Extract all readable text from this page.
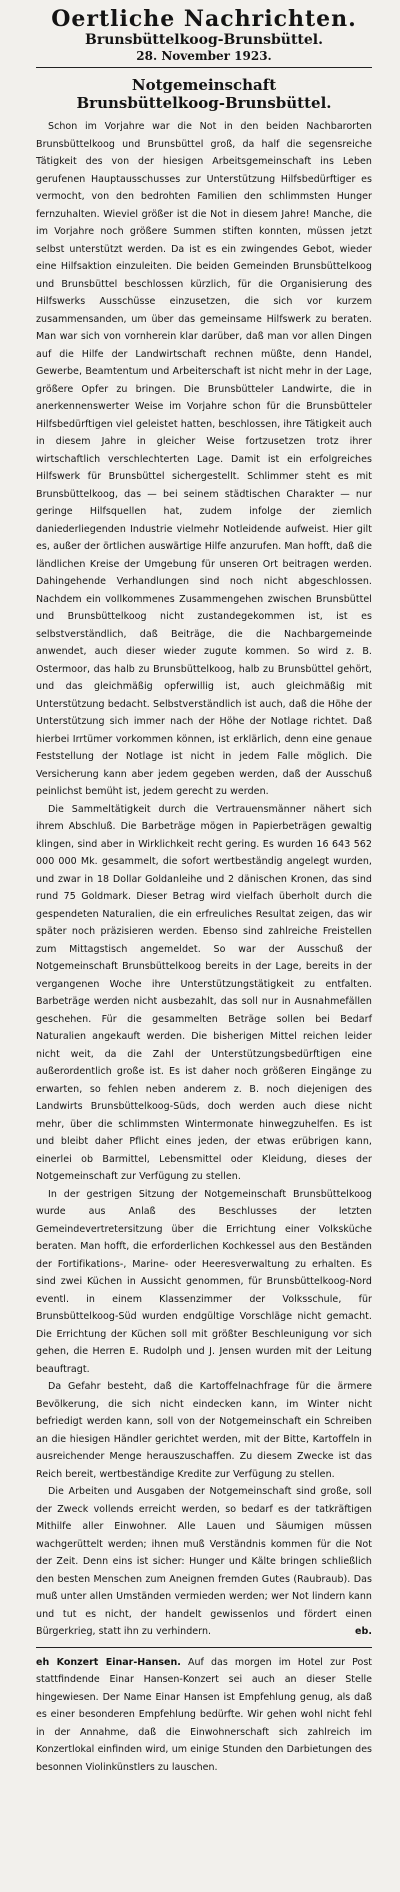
Oertliche Nachrichten.
Brunsbüttelkoog-Brunsbüttel.
28. November 1923.
Notgemeinschaft
Brunsbüttelkoog-Brunsbüttel.

Schon im Vorjahre war die Not in den beiden Nachbarorten Brunsbüttelkoog und Brunsbüttel groß, da half die segensreiche Tätigkeit des von der hiesigen Arbeitsgemeinschaft ins Leben gerufenen Hauptausschusses zur Unterstützung Hilfsbedürftiger es vermocht, von den bedrohten Familien den schlimmsten Hunger fernzuhalten. Wieviel größer ist die Not in diesem Jahre! Manche, die im Vorjahre noch größere Summen stiften konnten, müssen jetzt selbst unterstützt werden. Da ist es ein zwingendes Gebot, wieder eine Hilfsaktion einzuleiten. Die beiden Gemeinden Brunsbüttelkoog und Brunsbüttel beschlossen kürzlich, für die Organisierung des Hilfswerks Ausschüsse einzusetzen, die sich vor kurzem zusammensanden, um über das gemeinsame Hilfswerk zu beraten. Man war sich von vornherein klar darüber, daß man vor allen Dingen auf die Hilfe der Landwirtschaft rechnen müßte, denn Handel, Gewerbe, Beamtentum und Arbeiterschaft ist nicht mehr in der Lage, größere Opfer zu bringen. Die Brunsbütteler Landwirte, die in anerkennenswerter Weise im Vorjahre schon für die Brunsbütteler Hilfsbedürftigen viel geleistet hatten, beschlossen, ihre Tätigkeit auch in diesem Jahre in gleicher Weise fortzusetzen trotz ihrer wirtschaftlich verschlechterten Lage. Damit ist ein erfolgreiches Hilfswerk für Brunsbüttel sichergestellt. Schlimmer steht es mit Brunsbüttelkoog, das — bei seinem städtischen Charakter — nur geringe Hilfsquellen hat, zudem infolge der ziemlich daniederliegenden Industrie vielmehr Notleidende aufweist. Hier gilt es, außer der örtlichen auswärtige Hilfe anzurufen. Man hofft, daß die ländlichen Kreise der Umgebung für unseren Ort beitragen werden. Dahingehende Verhandlungen sind noch nicht abgeschlossen. Nachdem ein vollkommenes Zusammengehen zwischen Brunsbüttel und Brunsbüttelkoog nicht zustandegekommen ist, ist es selbstverständlich, daß Beiträge, die die Nachbargemeinde anwendet, auch dieser wieder zugute kommen. So wird z. B. Ostermoor, das halb zu Brunsbüttelkoog, halb zu Brunsbüttel gehört, und das gleichmäßig opferwillig ist, auch gleichmäßig mit Unterstützung bedacht. Selbstverständlich ist auch, daß die Höhe der Unterstützung sich immer nach der Höhe der Notlage richtet. Daß hierbei Irrtümer vorkommen können, ist erklärlich, denn eine genaue Feststellung der Notlage ist nicht in jedem Falle möglich. Die Versicherung kann aber jedem gegeben werden, daß der Ausschuß peinlichst bemüht ist, jedem gerecht zu werden.

Die Sammeltätigkeit durch die Vertrauensmänner nähert sich ihrem Abschluß. Die Barbeträge mögen in Papierbeträgen gewaltig klingen, sind aber in Wirklichkeit recht gering. Es wurden 16 643 562 000 000 Mk. gesammelt, die sofort wertbeständig angelegt wurden, und zwar in 18 Dollar Goldanleihe und 2 dänischen Kronen, das sind rund 75 Goldmark. Dieser Betrag wird vielfach überholt durch die gespendeten Naturalien, die ein erfreuliches Resultat zeigen, das wir später noch präzisieren werden. Ebenso sind zahlreiche Freistellen zum Mittagstisch angemeldet. So war der Ausschuß der Notgemeinschaft Brunsbüttelkoog bereits in der Lage, bereits in der vergangenen Woche ihre Unterstützungstätigkeit zu entfalten. Barbeträge werden nicht ausbezahlt, das soll nur in Ausnahmefällen geschehen. Für die gesammelten Beträge sollen bei Bedarf Naturalien angekauft werden. Die bisherigen Mittel reichen leider nicht weit, da die Zahl der Unterstützungsbedürftigen eine außerordentlich große ist. Es ist daher noch größeren Eingänge zu erwarten, so fehlen neben anderem z. B. noch diejenigen des Landwirts Brunsbüttelkoog-Süds, doch werden auch diese nicht mehr, über die schlimmsten Wintermonate hinwegzuhelfen. Es ist und bleibt daher Pflicht eines jeden, der etwas erübrigen kann, einerlei ob Barmittel, Lebensmittel oder Kleidung, dieses der Notgemeinschaft zur Verfügung zu stellen.

In der gestrigen Sitzung der Notgemeinschaft Brunsbüttelkoog wurde aus Anlaß des Beschlusses der letzten Gemeindevertretersitzung über die Errichtung einer Volksküche beraten. Man hofft, die erforderlichen Kochkessel aus den Beständen der Fortifikations-, Marine- oder Heeresverwaltung zu erhalten. Es sind zwei Küchen in Aussicht genommen, für Brunsbüttelkoog-Nord eventl. in einem Klassenzimmer der Volksschule, für Brunsbüttelkoog-Süd wurden endgültige Vorschläge nicht gemacht. Die Errichtung der Küchen soll mit größter Beschleunigung vor sich gehen, die Herren E. Rudolph und J. Jensen wurden mit der Leitung beauftragt.

Da Gefahr besteht, daß die Kartoffelnachfrage für die ärmere Bevölkerung, die sich nicht eindecken kann, im Winter nicht befriedigt werden kann, soll von der Notgemeinschaft ein Schreiben an die hiesigen Händler gerichtet werden, mit der Bitte, Kartoffeln in ausreichender Menge herauszuschaffen. Zu diesem Zwecke ist das Reich bereit, wertbeständige Kredite zur Verfügung zu stellen.

Die Arbeiten und Ausgaben der Notgemeinschaft sind große, soll der Zweck vollends erreicht werden, so bedarf es der tatkräftigen Mithilfe aller Einwohner. Alle Lauen und Säumigen müssen wachgerüttelt werden; ihnen muß Verständnis kommen für die Not der Zeit. Denn eins ist sicher: Hunger und Kälte bringen schließlich den besten Menschen zum Aneignen fremden Gutes (Raubraub). Das muß unter allen Umständen vermieden werden; wer Not lindern kann und tut es nicht, der handelt gewissenlos und fördert einen Bürgerkrieg, statt ihn zu verhindern.	eb.

eh Konzert Einar-Hansen. Auf das morgen im Hotel zur Post stattfindende Einar Hansen-Konzert sei auch an dieser Stelle hingewiesen. Der Name Einar Hansen ist Empfehlung genug, als daß es einer besonderen Empfehlung bedürfte. Wir gehen wohl nicht fehl in der Annahme, daß die Einwohnerschaft sich zahlreich im Konzertlokal einfinden wird, um einige Stunden den Darbietungen des besonnen Violinkünstlers zu lauschen.
